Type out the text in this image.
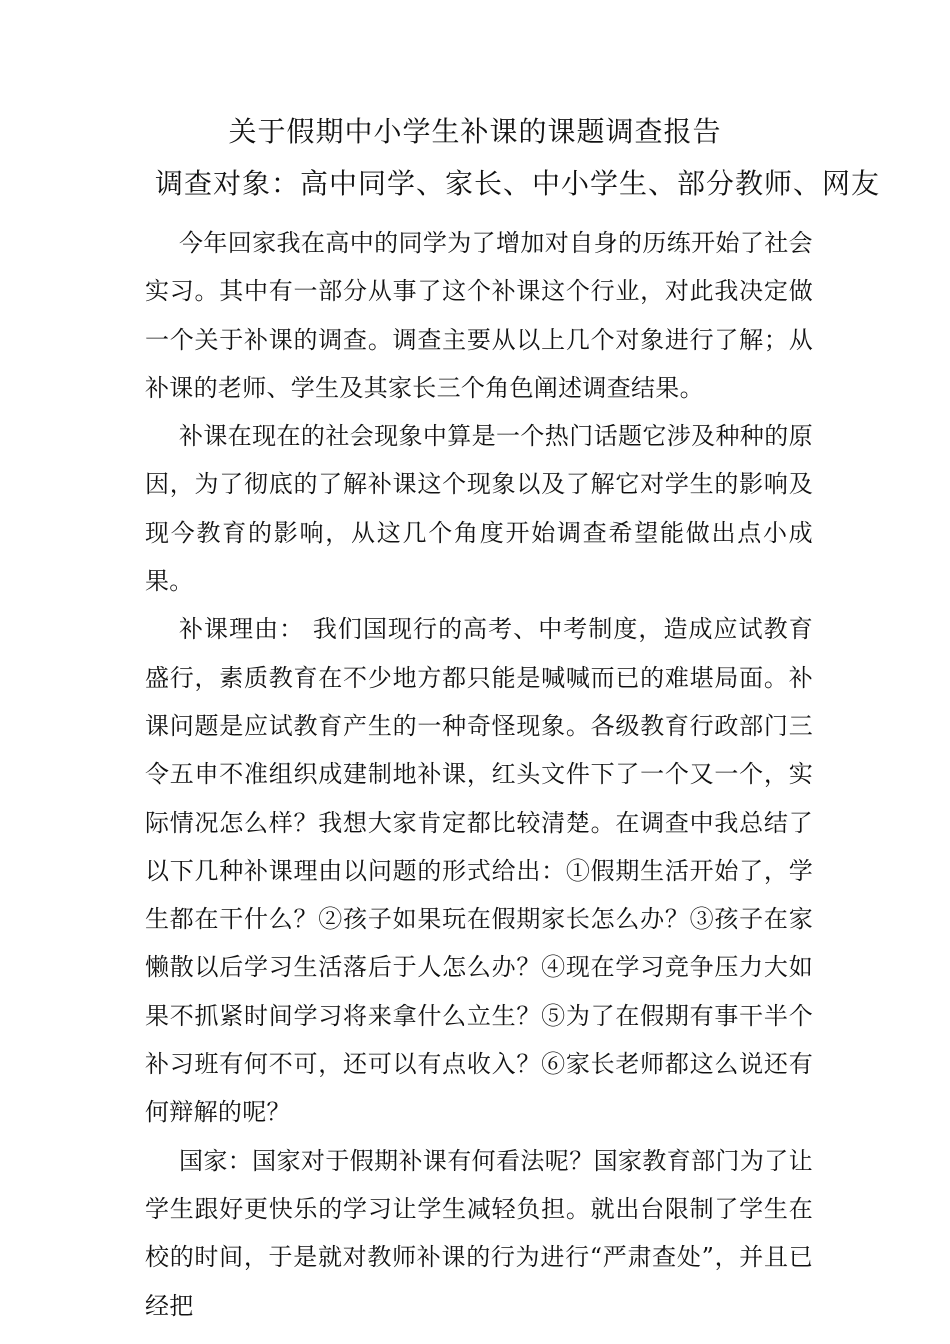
关于假期中小学生补课的课题调查报告
调查对象：高中同学、家长、中小学生、部分教师、网友

今年回家我在高中的同学为了增加对自身的历练开始了社会实习。其中有一部分从事了这个补课这个行业，对此我决定做一个关于补课的调查。调查主要从以上几个对象进行了解；从补课的老师、学生及其家长三个角色阐述调查结果。

补课在现在的社会现象中算是一个热门话题它涉及种种的原因，为了彻底的了解补课这个现象以及了解它对学生的影响及现今教育的影响，从这几个角度开始调查希望能做出点小成果。

补课理由： 我们国现行的高考、中考制度，造成应试教育盛行，素质教育在不少地方都只能是喊喊而已的难堪局面。补课问题是应试教育产生的一种奇怪现象。各级教育行政部门三令五申不准组织成建制地补课，红头文件下了一个又一个，实际情况怎么样？我想大家肯定都比较清楚。在调查中我总结了以下几种补课理由以问题的形式给出：①假期生活开始了，学生都在干什么？②孩子如果玩在假期家长怎么办？③孩子在家懒散以后学习生活落后于人怎么办？④现在学习竞争压力大如果不抓紧时间学习将来拿什么立生？⑤为了在假期有事干半个补习班有何不可，还可以有点收入？⑥家长老师都这么说还有何辩解的呢？

国家：国家对于假期补课有何看法呢？国家教育部门为了让学生跟好更快乐的学习让学生减轻负担。就出台限制了学生在校的时间，于是就对教师补课的行为进行“严肃查处”，并且已经把
